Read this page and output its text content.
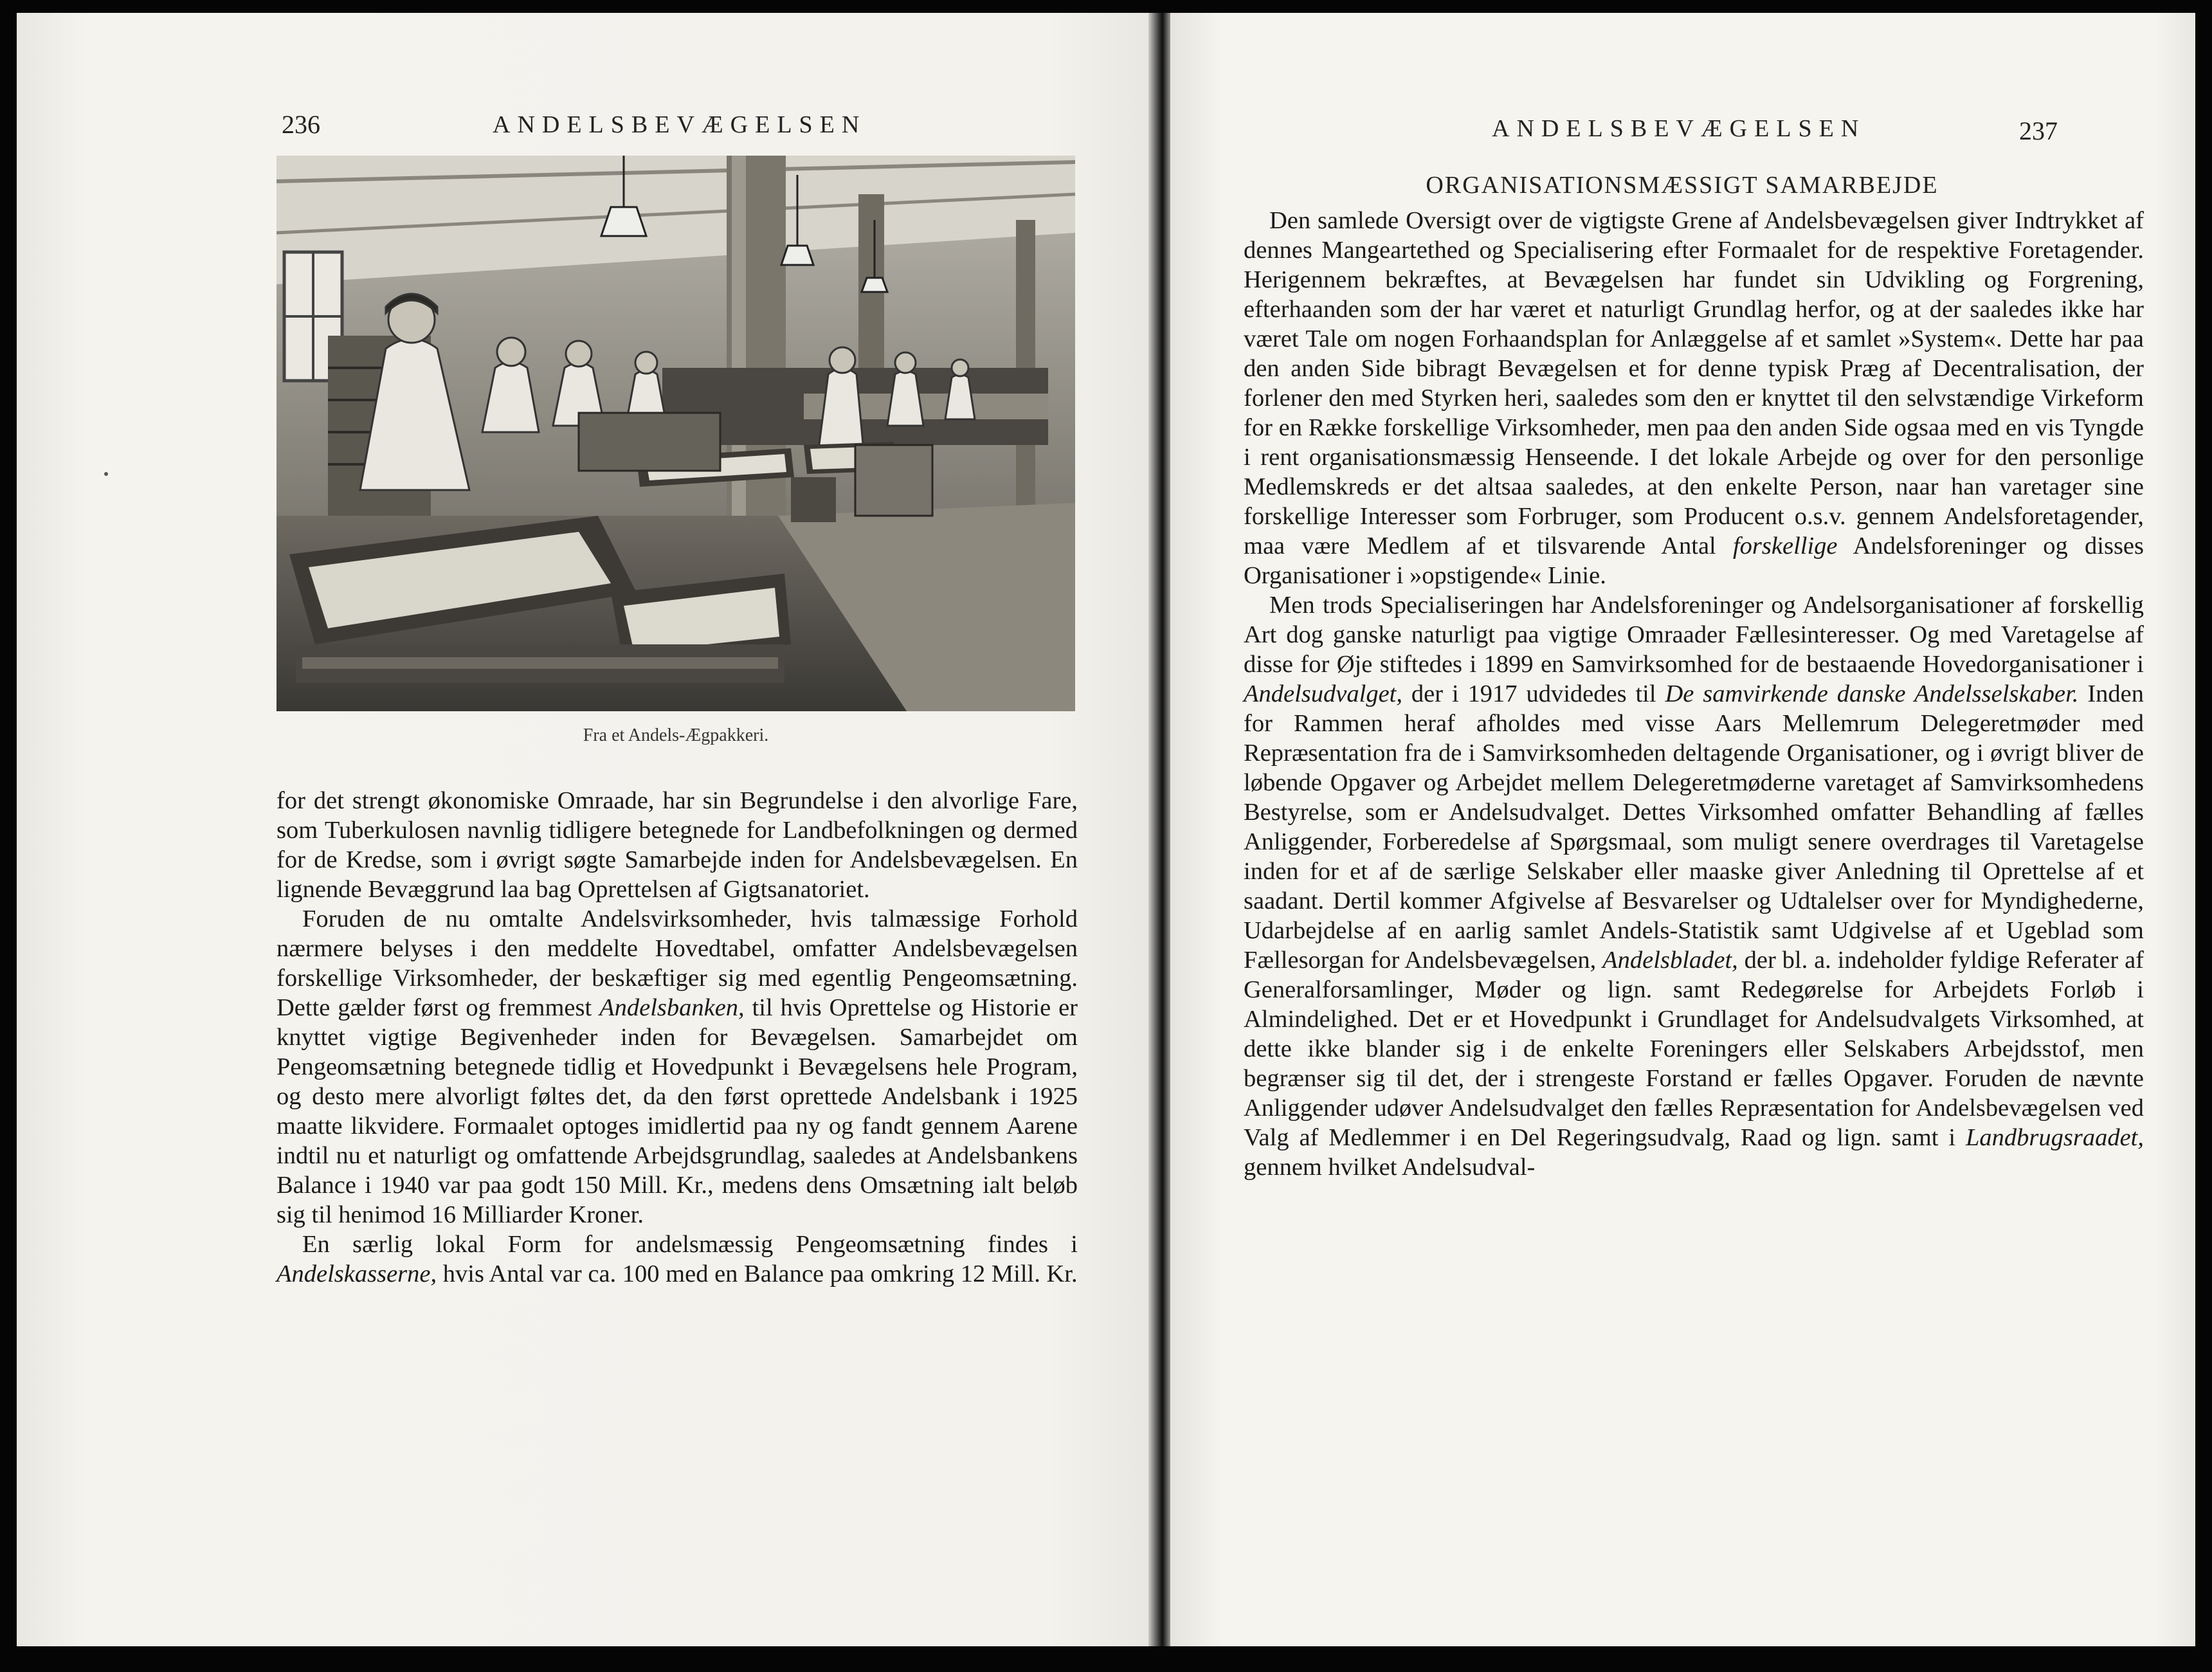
236	ANDELSBEVÆGELSEN
Fra et Andels-Ægpakkeri.

for det strengt økonomiske Omraade, har sin Begrundelse i den alvorlige Fare, som Tuberkulosen navnlig tidligere betegnede for Landbefolkningen og dermed for de Kredse, som i øvrigt søgte Samarbejde inden for Andelsbevægelsen. En lignende Bevæggrund laa bag Oprettelsen af Gigtsanatoriet.

Foruden de nu omtalte Andelsvirksomheder, hvis talmæssige Forhold nærmere belyses i den meddelte Hovedtabel, omfatter Andelsbevægelsen forskellige Virksomheder, der beskæftiger sig med egentlig Pengeomsætning. Dette gælder først og fremmest Andelsbanken, til hvis Oprettelse og Historie er knyttet vigtige Begivenheder inden for Bevægelsen. Samarbejdet om Pengeomsætning betegnede tidlig et Hovedpunkt i Bevægelsens hele Program, og desto mere alvorligt føltes det, da den først oprettede Andelsbank i 1925 maatte likvidere. Formaalet optoges imidlertid paa ny og fandt gennem Aarene indtil nu et naturligt og omfattende Arbejdsgrundlag, saaledes at Andelsbankens Balance i 1940 var paa godt 150 Mill. Kr., medens dens Omsætning ialt beløb sig til henimod 16 Milliarder Kroner.

En særlig lokal Form for andelsmæssig Pengeomsætning findes i Andelskasserne, hvis Antal var ca. 100 med en Balance paa omkring 12 Mill. Kr.

ANDELSBEVÆGELSEN	237
ORGANISATIONSMÆSSIGT SAMARBEJDE

Den samlede Oversigt over de vigtigste Grene af Andelsbevægelsen giver Indtrykket af dennes Mangeartethed og Specialisering efter Formaalet for de respektive Foretagender. Herigennem bekræftes, at Bevægelsen har fundet sin Udvikling og Forgrening, efterhaanden som der har været et naturligt Grundlag herfor, og at der saaledes ikke har været Tale om nogen Forhaandsplan for Anlæggelse af et samlet »System«. Dette har paa den anden Side bibragt Bevægelsen et for denne typisk Præg af Decentralisation, der forlener den med Styrken heri, saaledes som den er knyttet til den selvstændige Virkeform for en Række forskellige Virksomheder, men paa den anden Side ogsaa med en vis Tyngde i rent organisationsmæssig Henseende. I det lokale Arbejde og over for den personlige Medlemskreds er det altsaa saaledes, at den enkelte Person, naar han varetager sine forskellige Interesser som Forbruger, som Producent o.s.v. gennem Andelsforetagender, maa være Medlem af et tilsvarende Antal forskellige Andelsforeninger og disses Organisationer i »opstigende« Linie.

Men trods Specialiseringen har Andelsforeninger og Andelsorganisationer af forskellig Art dog ganske naturligt paa vigtige Omraader Fællesinteresser. Og med Varetagelse af disse for Øje stiftedes i 1899 en Samvirksomhed for de bestaaende Hovedorganisationer i Andelsudvalget, der i 1917 udvidedes til De samvirkende danske Andelsselskaber. Inden for Rammen heraf afholdes med visse Aars Mellemrum Delegeretmøder med Repræsentation fra de i Samvirksomheden deltagende Organisationer, og i øvrigt bliver de løbende Opgaver og Arbejdet mellem Delegeretmøderne varetaget af Samvirksomhedens Bestyrelse, som er Andelsudvalget. Dettes Virksomhed omfatter Behandling af fælles Anliggender, Forberedelse af Spørgsmaal, som muligt senere overdrages til Varetagelse inden for et af de særlige Selskaber eller maaske giver Anledning til Oprettelse af et saadant. Dertil kommer Afgivelse af Besvarelser og Udtalelser over for Myndighederne, Udarbejdelse af en aarlig samlet Andels-Statistik samt Udgivelse af et Ugeblad som Fællesorgan for Andelsbevægelsen, Andelsbladet, der bl. a. indeholder fyldige Referater af Generalforsamlinger, Møder og lign. samt Redegørelse for Arbejdets Forløb i Almindelighed. Det er et Hovedpunkt i Grundlaget for Andelsudvalgets Virksomhed, at dette ikke blander sig i de enkelte Foreningers eller Selskabers Arbejdsstof, men begrænser sig til det, der i strengeste Forstand er fælles Opgaver. Foruden de nævnte Anliggender udøver Andelsudvalget den fælles Repræsentation for Andelsbevægelsen ved Valg af Medlemmer i en Del Regeringsudvalg, Raad og lign. samt i Landbrugsraadet, gennem hvilket Andelsudval-
